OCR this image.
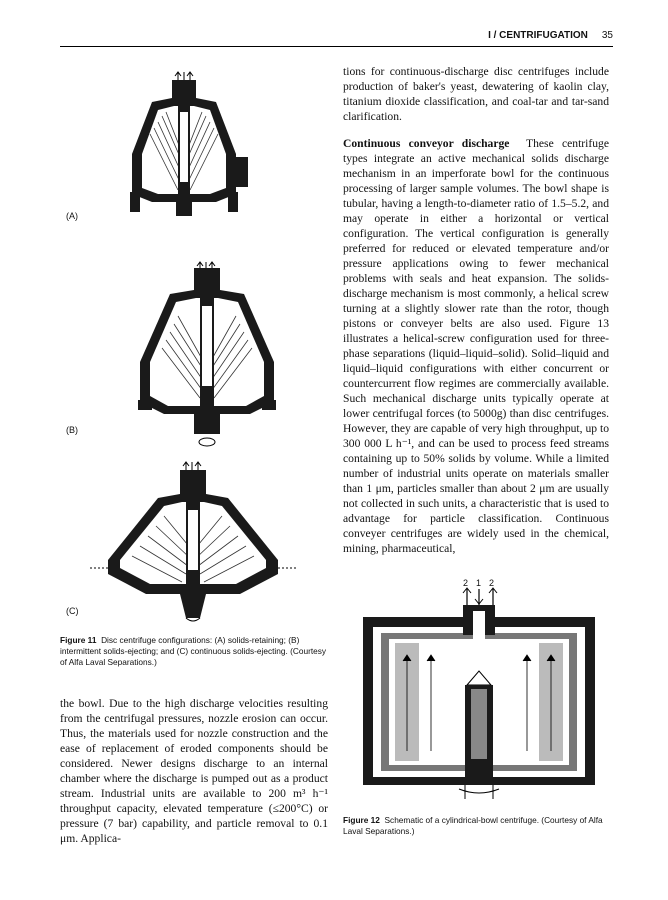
I / CENTRIFUGATION 35
(A)
(B)
(C)
Figure 11 Disc centrifuge configurations: (A) solids-retaining; (B) intermittent solids-ejecting; and (C) continuous solids-ejecting. (Courtesy of Alfa Laval Separations.)

the bowl. Due to the high discharge velocities resulting from the centrifugal pressures, nozzle erosion can occur. Thus, the materials used for nozzle construction and the ease of replacement of eroded components should be considered. Newer designs discharge to an internal chamber where the discharge is pumped out as a product stream. Industrial units are available to 200 m³ h⁻¹ throughput capacity, elevated temperature (≤200°C) or pressure (7 bar) capability, and particle removal to 0.1 μm. Applica-

tions for continuous-discharge disc centrifuges include production of baker's yeast, dewatering of kaolin clay, titanium dioxide classification, and coal-tar and tar-sand clarification.

Continuous conveyor discharge These centrifuge types integrate an active mechanical solids discharge mechanism in an imperforate bowl for the continuous processing of larger sample volumes. The bowl shape is tubular, having a length-to-diameter ratio of 1.5–5.2, and may operate in either a horizontal or vertical configuration. The vertical configuration is generally preferred for reduced or elevated temperature and/or pressure applications owing to fewer mechanical problems with seals and heat expansion. The solids-discharge mechanism is most commonly, a helical screw turning at a slightly slower rate than the rotor, though pistons or conveyer belts are also used. Figure 13 illustrates a helical-screw configuration used for three-phase separations (liquid–liquid–solid). Solid–liquid and liquid–liquid configurations with either concurrent or countercurrent flow regimes are commercially available. Such mechanical discharge units typically operate at lower centrifugal forces (to 5000g) than disc centrifuges. However, they are capable of very high throughput, up to 300 000 L h⁻¹, and can be used to process feed streams containing up to 50% solids by volume. While a limited number of industrial units operate on materials smaller than 1 μm, particles smaller than about 2 μm are usually not collected in such units, a characteristic that is used to advantage for particle classification. Continuous conveyer centrifuges are widely used in the chemical, mining, pharmaceutical,

2 1 2
Figure 12 Schematic of a cylindrical-bowl centrifuge. (Courtesy of Alfa Laval Separations.)
